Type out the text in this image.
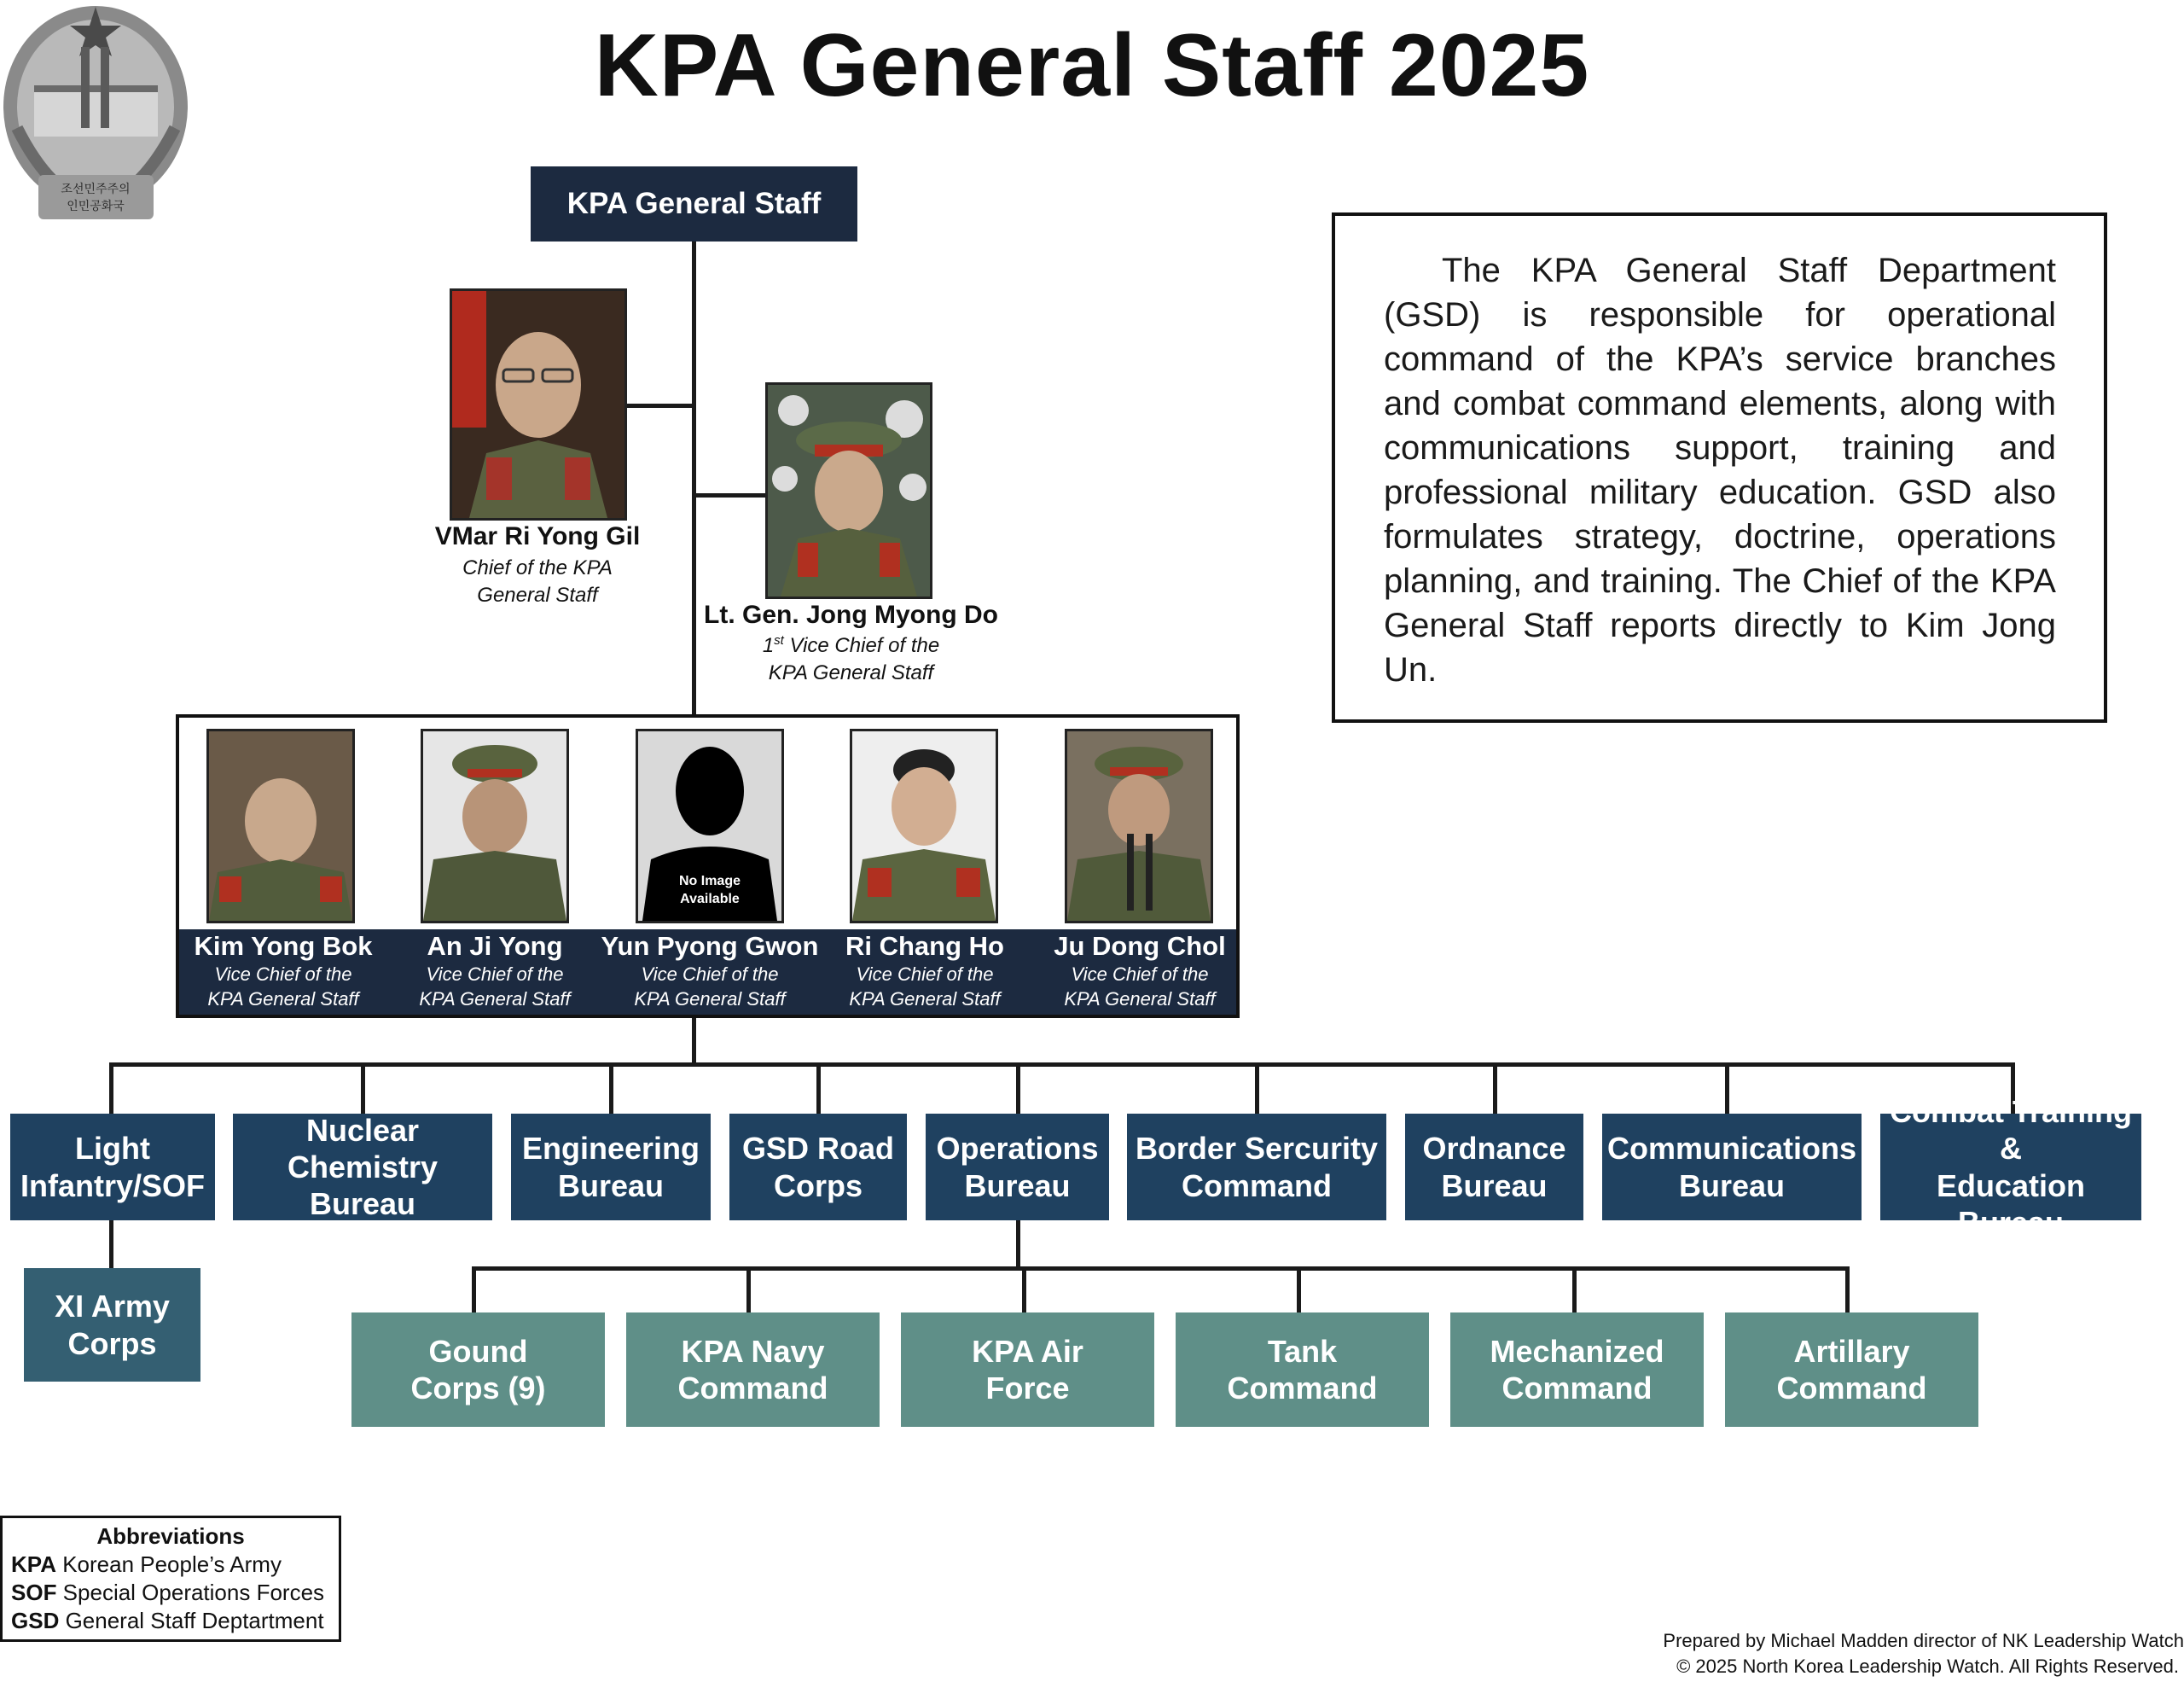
조선민주주의
인민공화국
KPA General Staff 2025
KPA General Staff
VMar Ri Yong Gil
Chief of the KPA
General Staff
Lt. Gen. Jong Myong Do
1st Vice Chief of the
KPA General Staff

The KPA General Staff Department (GSD) is responsible for operational command of the KPA’s service branches and combat command elements, along with communications support, training and professional military education. GSD also formulates strategy, doctrine, operations planning, and training. The Chief of the KPA General Staff reports directly to Kim Jong Un.

No Image
Available
Kim Yong Bok
Vice Chief of the
KPA General Staff
An Ji Yong
Vice Chief of the
KPA General Staff
Yun Pyong Gwon
Vice Chief of the
KPA General Staff
Ri Chang Ho
Vice Chief of the
KPA General Staff
Ju Dong Chol
Vice Chief of the
KPA General Staff
Light
Infantry/SOF
Nuclear
Chemistry Bureau
Engineering
Bureau
GSD Road
Corps
Operations
Bureau
Border Sercurity
Command
Ordnance
Bureau
Communications
Bureau
Combat Training &
Education Bureau
XI Army
Corps	Gound
Corps (9)
KPA Navy
Command
KPA Air
Force
Tank
Command
Mechanized
Command
Artillary
Command
Abbreviations
KPA Korean People’s Army
SOF Special Operations Forces
GSD General Staff Deptartment
Prepared by Michael Madden director of NK Leadership Watch
© 2025 North Korea Leadership Watch. All Rights Reserved.
